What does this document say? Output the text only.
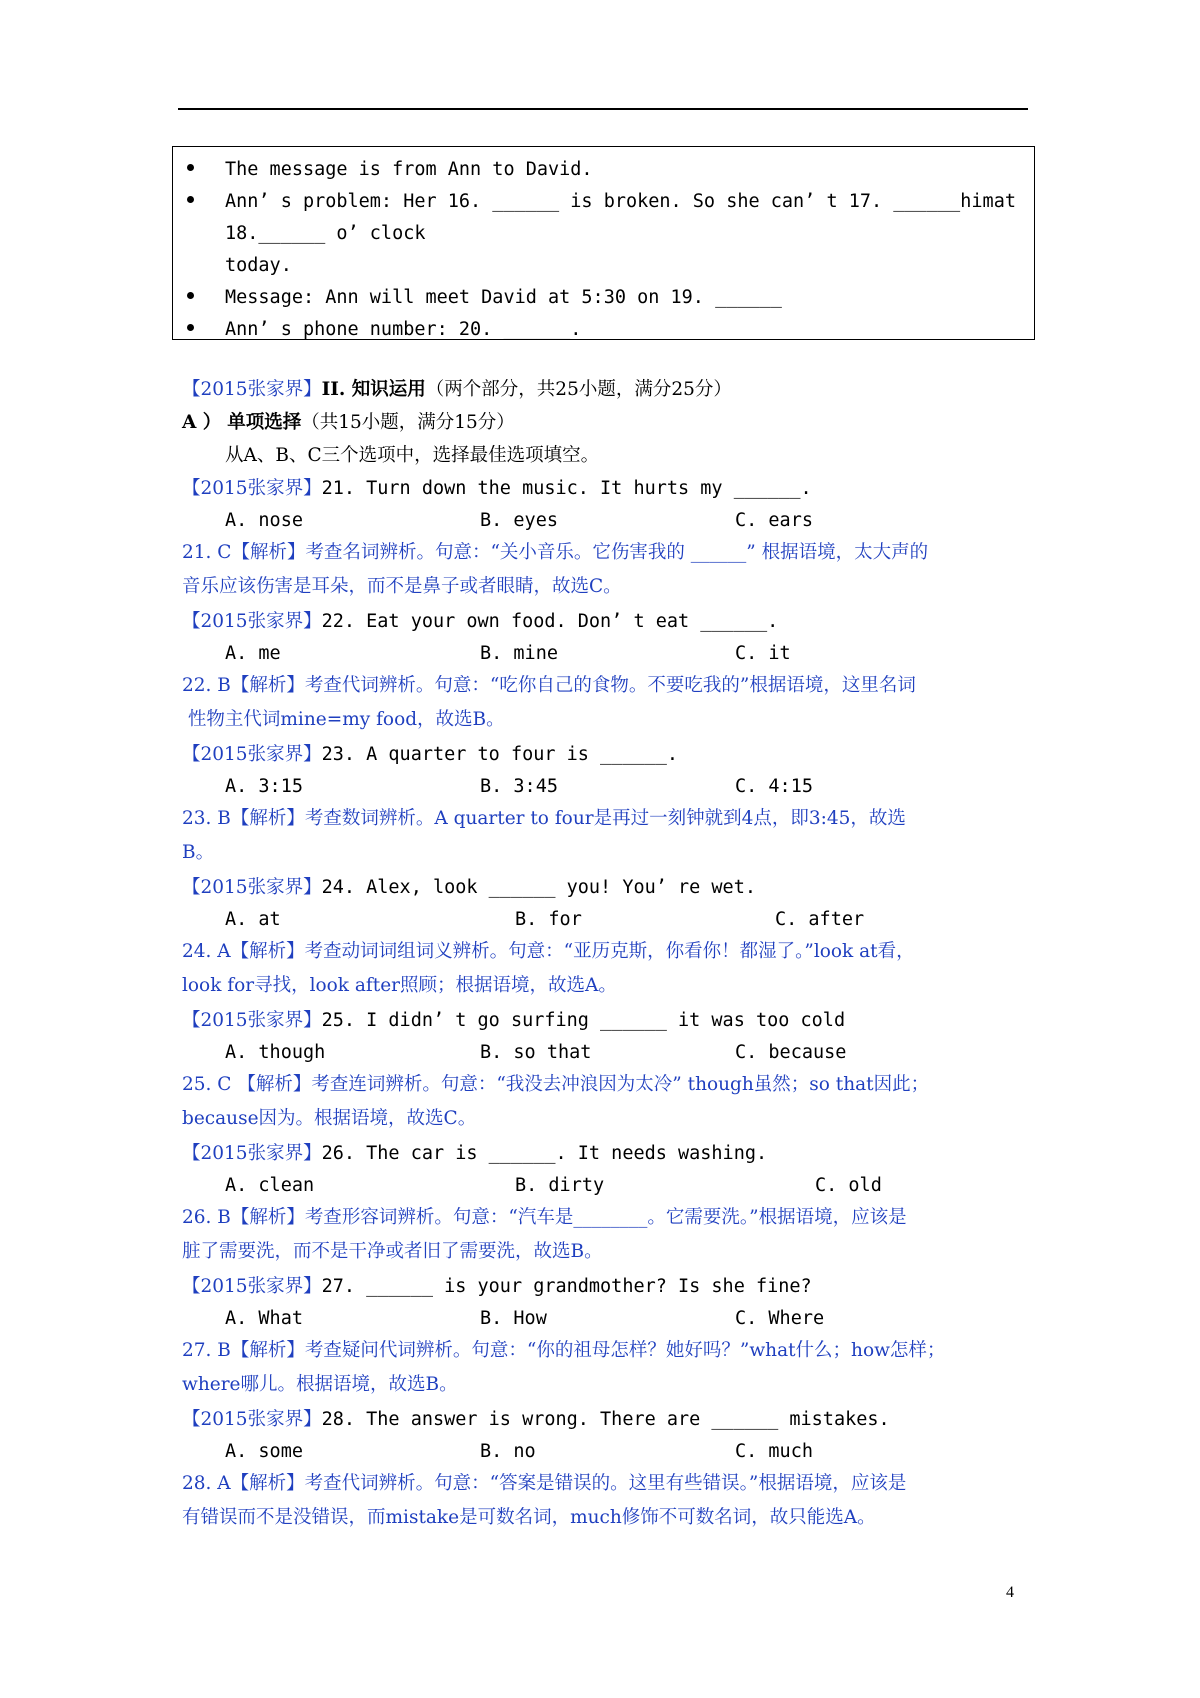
The message is from Ann to David.
Ann’ s problem: Her 16. ______ is broken. So she can’ t 17. ______ him at
18.______ o’ clock
today.
Message: Ann will meet David at 5:30 on 19. ______
Ann’ s phone number: 20. ______.
【2015张家界】II. 知识运用（两个部分，共25小题，满分25分）
A ） 单项选择（共15小题，满分15分）
从A、B、C三个选项中，选择最佳选项填空。
【2015张家界】21. Turn down the music. It hurts my ______.
A. nose	B. eyes	C. ears
21. C【解析】考查名词辨析。句意：“关小音乐。它伤害我的 ______” 根据语境，太大声的
音乐应该伤害是耳朵，而不是鼻子或者眼睛，故选C。
【2015张家界】22. Eat your own food. Don’ t eat ______.
A. me	B. mine	C. it
22. B【解析】考查代词辨析。句意：“吃你自己的食物。不要吃我的”根据语境，这里名词
性物主代词mine=my food，故选B。
【2015张家界】23. A quarter to four is ______.
A. 3:15	B. 3:45	C. 4:15
23. B【解析】考查数词辨析。A quarter to four是再过一刻钟就到4点，即3:45，故选
B。
【2015张家界】24. Alex, look ______ you! You’ re wet.
A. at	B. for	C. after
24. A【解析】考查动词词组词义辨析。句意：“亚历克斯，你看你！都湿了。”look at看，
look for寻找，look after照顾；根据语境，故选A。
【2015张家界】25. I didn’ t go surfing ______ it was too cold
A. though	B. so that	C. because
25. C 【解析】考查连词辨析。句意：“我没去冲浪因为太冷” though虽然；so that因此；
because因为。根据语境，故选C。
【2015张家界】26. The car is ______. It needs washing.
A. clean	B. dirty	C. old
26. B【解析】考查形容词辨析。句意：“汽车是________。它需要洗。”根据语境，应该是
脏了需要洗，而不是干净或者旧了需要洗，故选B。
【2015张家界】27. ______ is your grandmother? Is she fine?
A. What	B. How	C. Where
27. B【解析】考查疑问代词辨析。句意：“你的祖母怎样？她好吗？”what什么；how怎样；
where哪儿。根据语境，故选B。
【2015张家界】28. The answer is wrong. There are ______ mistakes.
A. some	B. no	C. much
28. A【解析】考查代词辨析。句意：“答案是错误的。这里有些错误。”根据语境，应该是
有错误而不是没错误，而mistake是可数名词，much修饰不可数名词，故只能选A。
4
